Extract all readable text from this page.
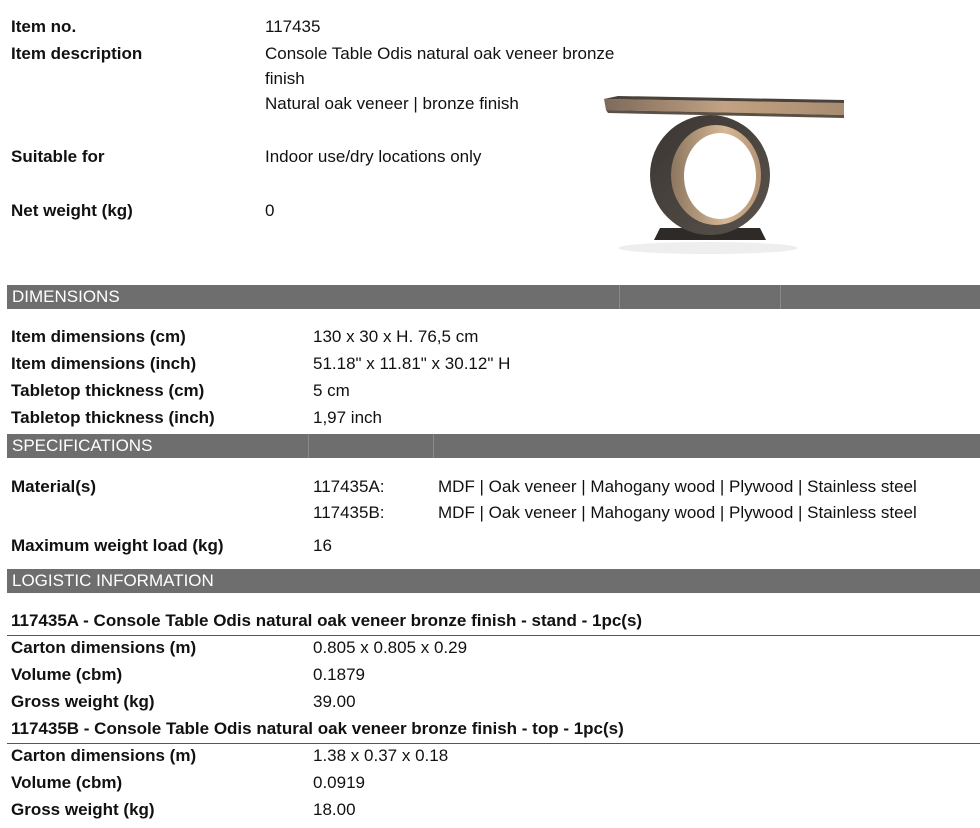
Item no.	117435
Item description	Console Table Odis natural oak veneer bronze
finish
Natural oak veneer | bronze finish
Suitable for	Indoor use/dry locations only
Net weight (kg)	0
DIMENSIONS
Item dimensions (cm)	130 x 30 x H. 76,5 cm
Item dimensions (inch)	51.18" x 11.81" x 30.12" H
Tabletop thickness (cm)	5 cm
Tabletop thickness (inch)	1,97 inch
SPECIFICATIONS
Material(s)	117435A:	MDF | Oak veneer | Mahogany wood | Plywood | Stainless steel
117435B:	MDF | Oak veneer | Mahogany wood | Plywood | Stainless steel
Maximum weight load (kg)	16
LOGISTIC INFORMATION
117435A - Console Table Odis natural oak veneer bronze finish - stand - 1pc(s)
Carton dimensions (m)	0.805 x 0.805 x 0.29
Volume (cbm)	0.1879
Gross weight (kg)	39.00
117435B - Console Table Odis natural oak veneer bronze finish - top - 1pc(s)
Carton dimensions (m)	1.38 x 0.37 x 0.18
Volume (cbm)	0.0919
Gross weight (kg)	18.00
